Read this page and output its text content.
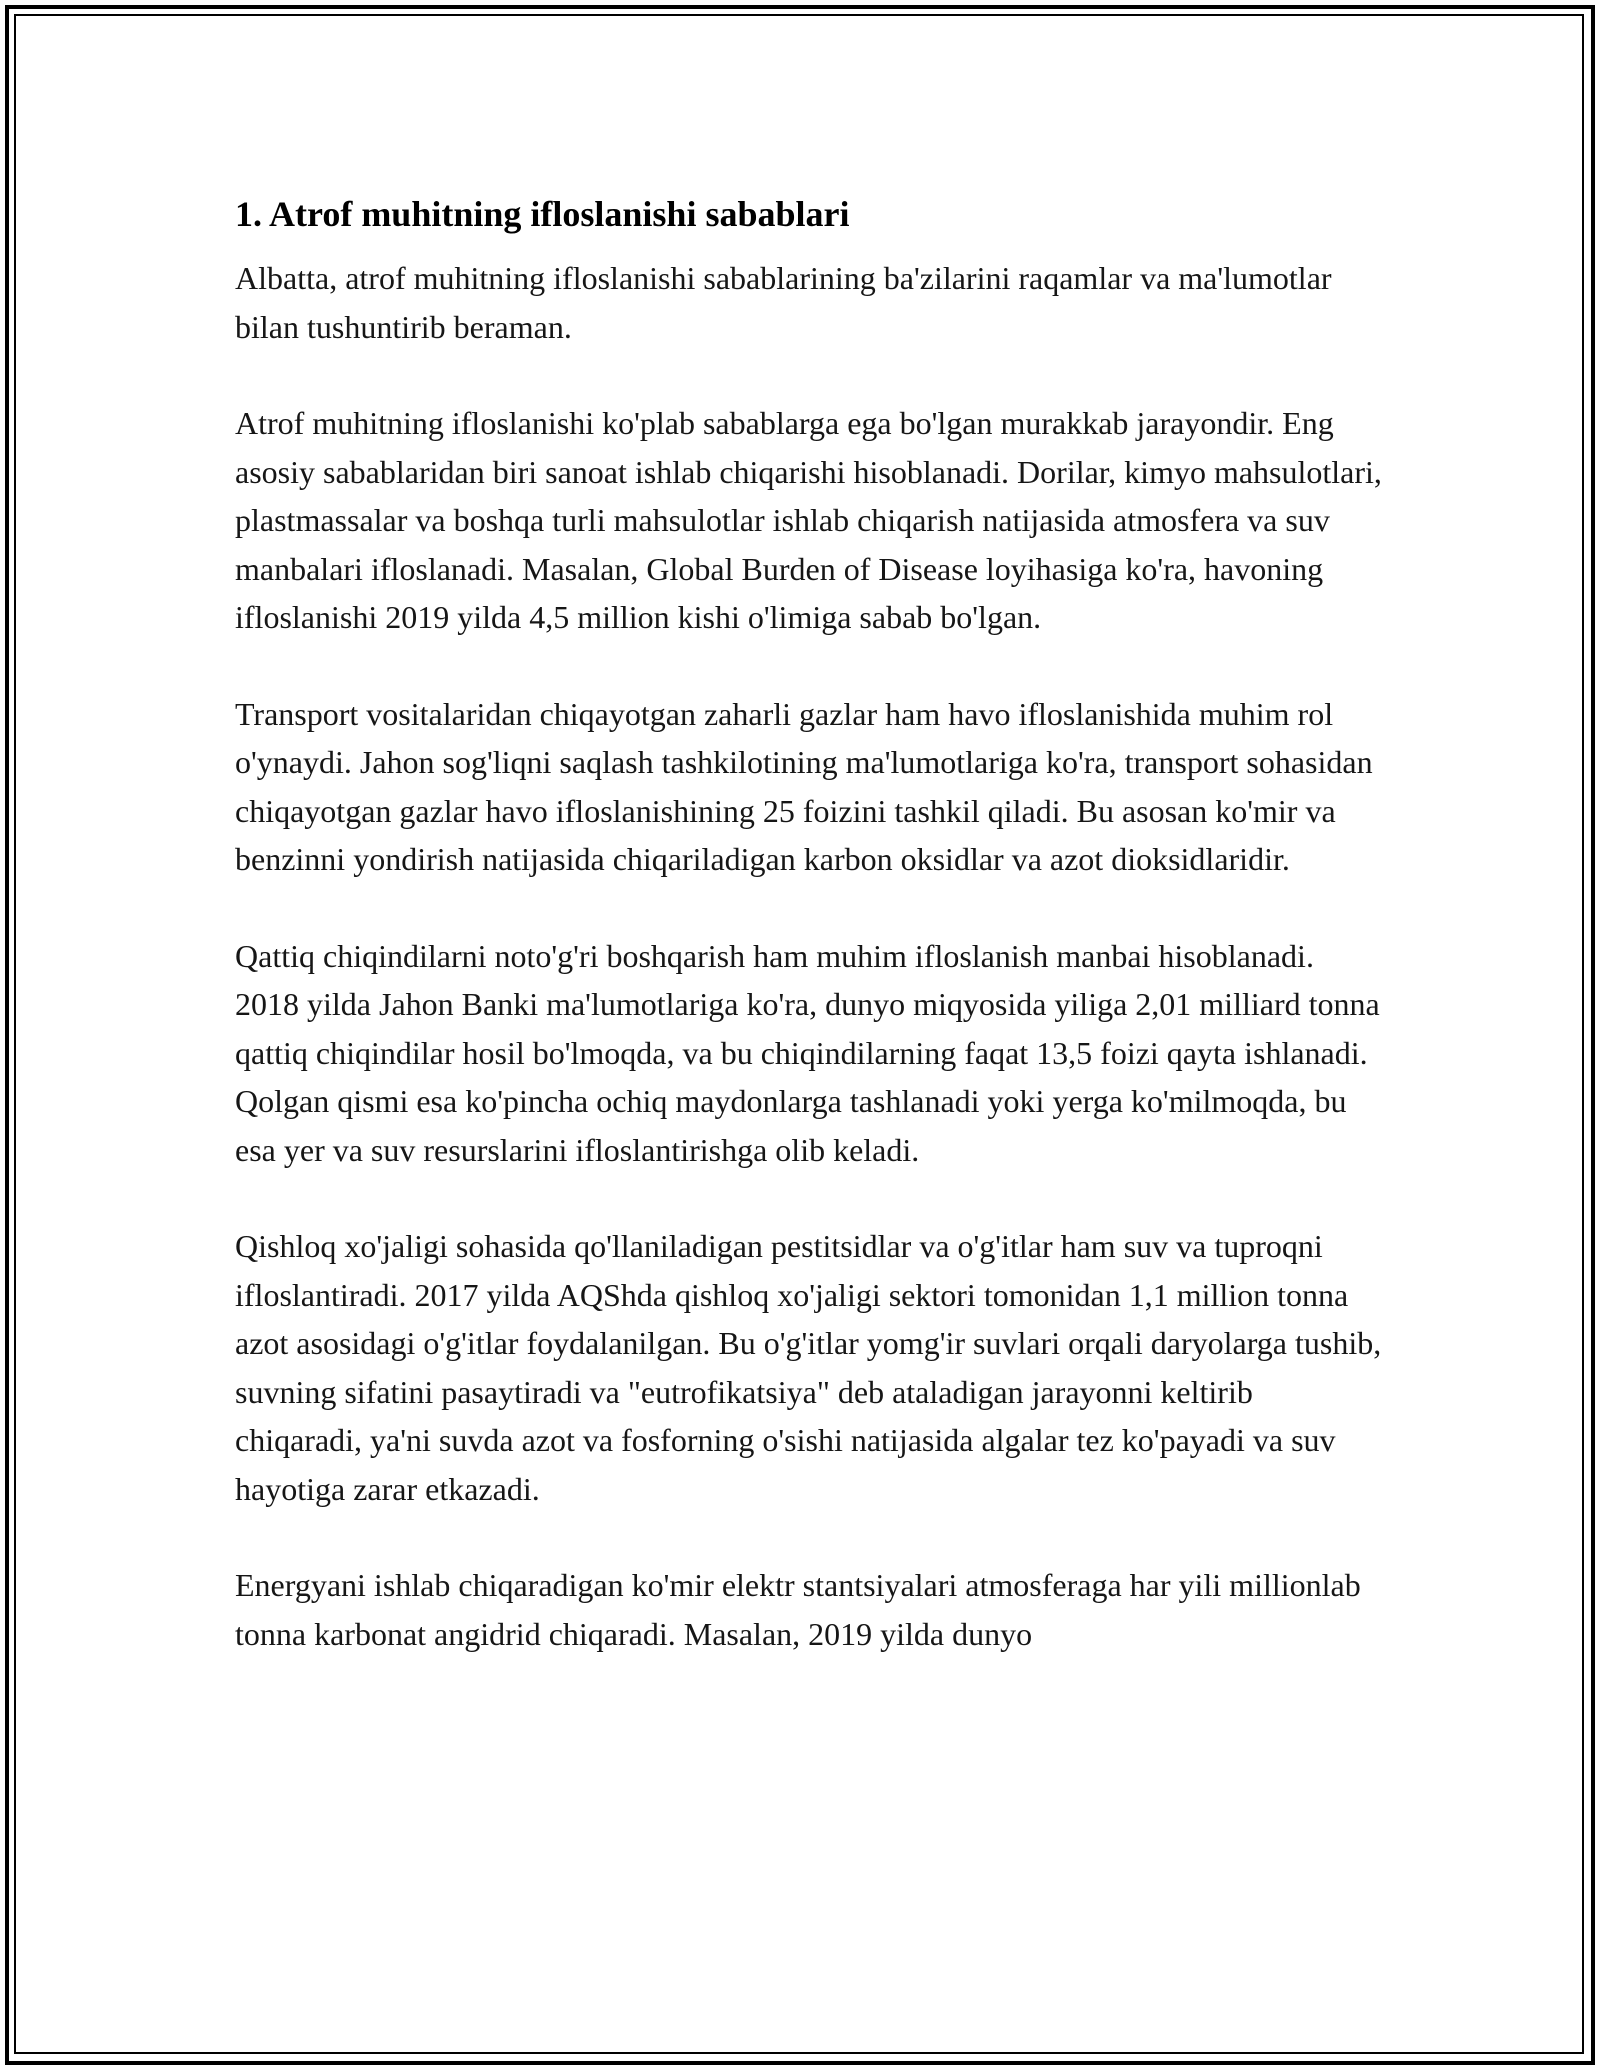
1. Atrof muhitning ifloslanishi sabablari

Albatta, atrof muhitning ifloslanishi sabablarining ba'zilarini raqamlar va ma'lumotlar bilan tushuntirib beraman.

Atrof muhitning ifloslanishi ko'plab sabablarga ega bo'lgan murakkab jarayondir. Eng asosiy sabablaridan biri sanoat ishlab chiqarishi hisoblanadi. Dorilar, kimyo mahsulotlari, plastmassalar va boshqa turli mahsulotlar ishlab chiqarish natijasida atmosfera va suv manbalari ifloslanadi. Masalan, Global Burden of Disease loyihasiga ko'ra, havoning ifloslanishi 2019 yilda 4,5 million kishi o'limiga sabab bo'lgan.

Transport vositalaridan chiqayotgan zaharli gazlar ham havo ifloslanishida muhim rol o'ynaydi. Jahon sog'liqni saqlash tashkilotining ma'lumotlariga ko'ra, transport sohasidan chiqayotgan gazlar havo ifloslanishining 25 foizini tashkil qiladi. Bu asosan ko'mir va benzinni yondirish natijasida chiqariladigan karbon oksidlar va azot dioksidlaridir.

Qattiq chiqindilarni noto'g'ri boshqarish ham muhim ifloslanish manbai hisoblanadi. 2018 yilda Jahon Banki ma'lumotlariga ko'ra, dunyo miqyosida yiliga 2,01 milliard tonna qattiq chiqindilar hosil bo'lmoqda, va bu chiqindilarning faqat 13,5 foizi qayta ishlanadi. Qolgan qismi esa ko'pincha ochiq maydonlarga tashlanadi yoki yerga ko'milmoqda, bu esa yer va suv resurslarini ifloslantirishga olib keladi.

Qishloq xo'jaligi sohasida qo'llaniladigan pestitsidlar va o'g'itlar ham suv va tuproqni ifloslantiradi. 2017 yilda AQShda qishloq xo'jaligi sektori tomonidan 1,1 million tonna azot asosidagi o'g'itlar foydalanilgan. Bu o'g'itlar yomg'ir suvlari orqali daryolarga tushib, suvning sifatini pasaytiradi va "eutrofikatsiya" deb ataladigan jarayonni keltirib chiqaradi, ya'ni suvda azot va fosforning o'sishi natijasida algalar tez ko'payadi va suv hayotiga zarar etkazadi.

Energyani ishlab chiqaradigan ko'mir elektr stantsiyalari atmosferaga har yili millionlab tonna karbonat angidrid chiqaradi. Masalan, 2019 yilda dunyo
